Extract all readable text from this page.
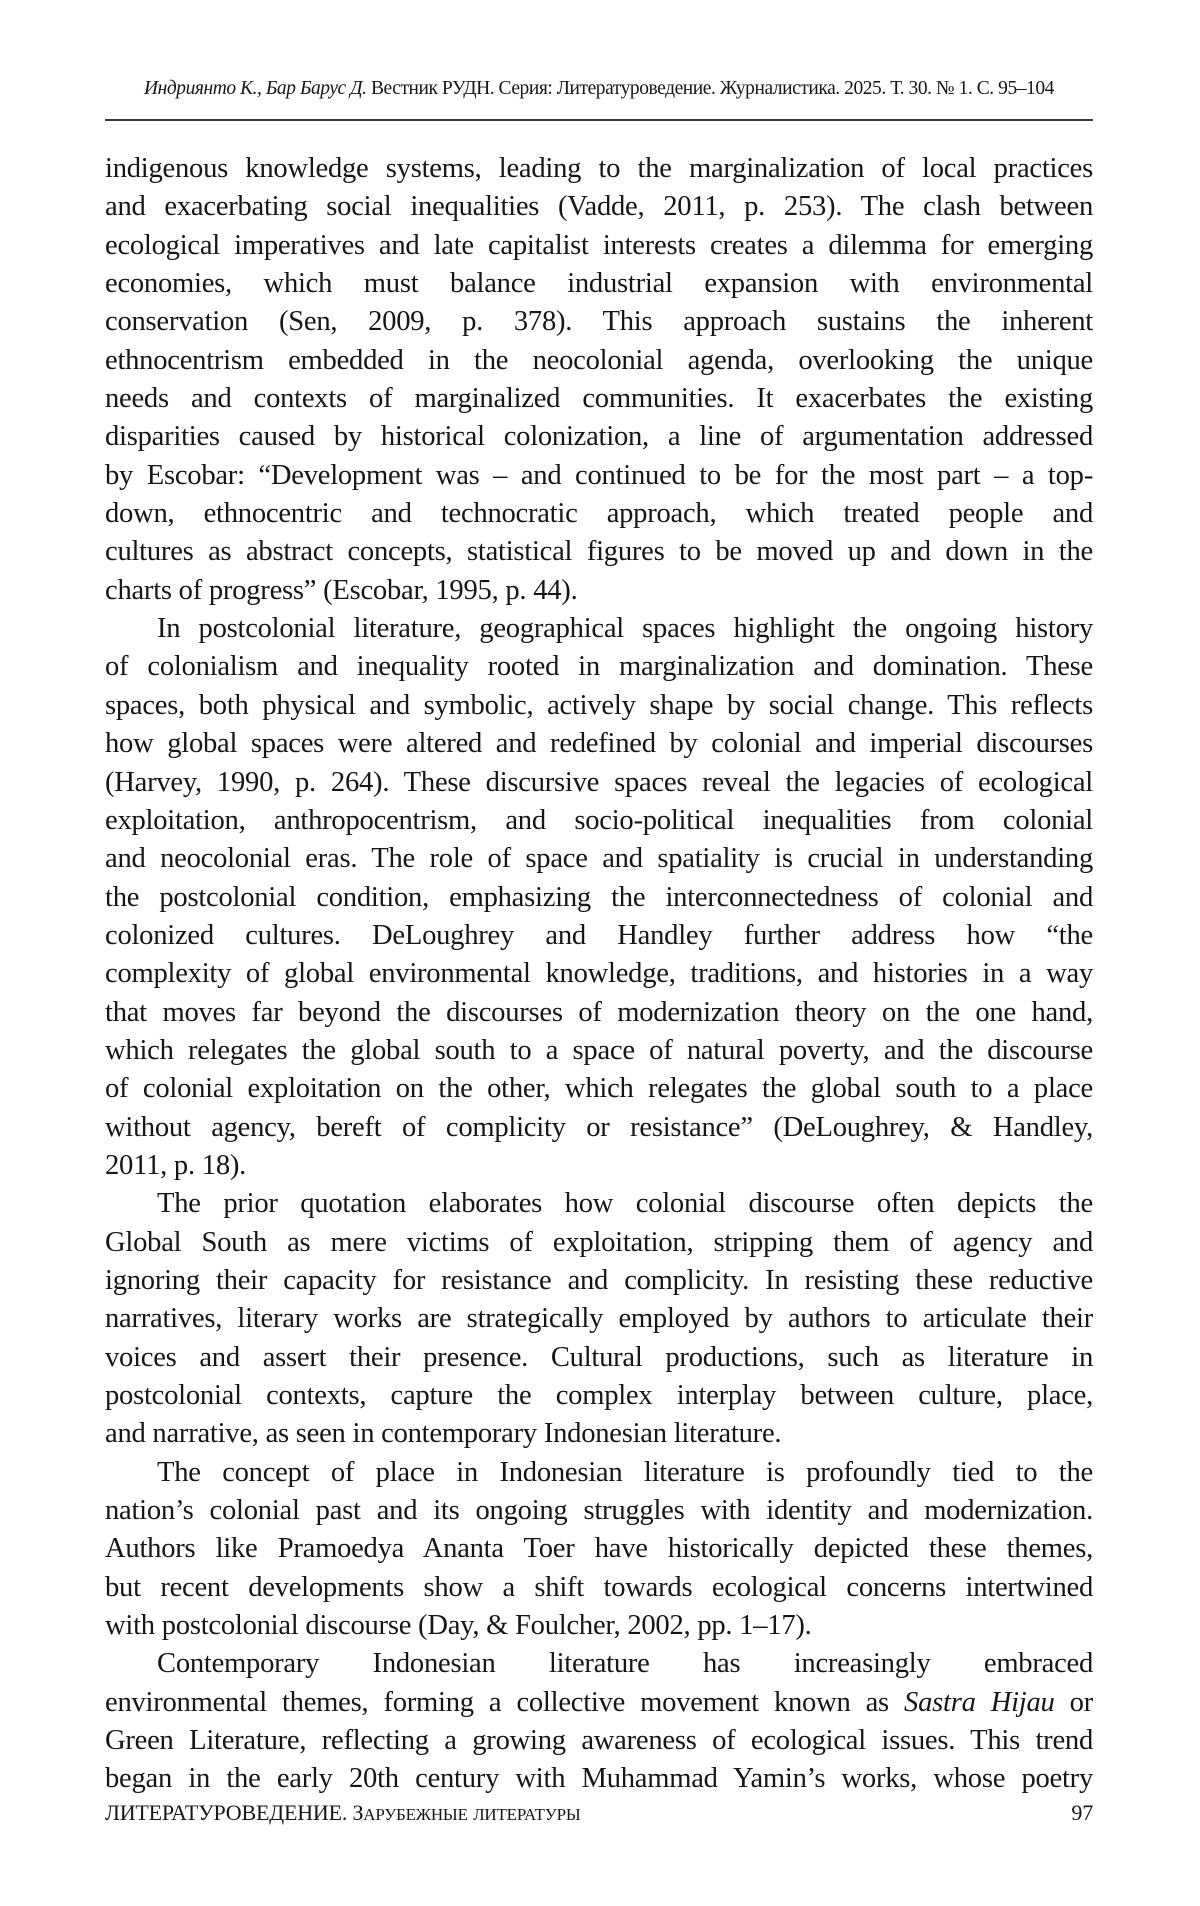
Индриянто К., Бар Барус Д. Вестник РУДН. Серия: Литературоведение. Журналистика. 2025. Т. 30. № 1. С. 95–104
indigenous knowledge systems, leading to the marginalization of local practices
and exacerbating social inequalities (Vadde, 2011, p. 253). The clash between
ecological imperatives and late capitalist interests creates a dilemma for emerging
economies, which must balance industrial expansion with environmental
conservation (Sen, 2009, p. 378). This approach sustains the inherent
ethnocentrism embedded in the neocolonial agenda, overlooking the unique
needs and contexts of marginalized communities. It exacerbates the existing
disparities caused by historical colonization, a line of argumentation addressed
by Escobar: “Development was – and continued to be for the most part – a top-
down, ethnocentric and technocratic approach, which treated people and
cultures as abstract concepts, statistical figures to be moved up and down in the
charts of progress” (Escobar, 1995, p. 44).
In postcolonial literature, geographical spaces highlight the ongoing history
of colonialism and inequality rooted in marginalization and domination. These
spaces, both physical and symbolic, actively shape by social change. This reflects
how global spaces were altered and redefined by colonial and imperial discourses
(Harvey, 1990, p. 264). These discursive spaces reveal the legacies of ecological
exploitation, anthropocentrism, and socio-political inequalities from colonial
and neocolonial eras. The role of space and spatiality is crucial in understanding
the postcolonial condition, emphasizing the interconnectedness of colonial and
colonized cultures. DeLoughrey and Handley further address how “the
complexity of global environmental knowledge, traditions, and histories in a way
that moves far beyond the discourses of modernization theory on the one hand,
which relegates the global south to a space of natural poverty, and the discourse
of colonial exploitation on the other, which relegates the global south to a place
without agency, bereft of complicity or resistance” (DeLoughrey, & Handley,
2011, p. 18).
The prior quotation elaborates how colonial discourse often depicts the
Global South as mere victims of exploitation, stripping them of agency and
ignoring their capacity for resistance and complicity. In resisting these reductive
narratives, literary works are strategically employed by authors to articulate their
voices and assert their presence. Cultural productions, such as literature in
postcolonial contexts, capture the complex interplay between culture, place,
and narrative, as seen in contemporary Indonesian literature.
The concept of place in Indonesian literature is profoundly tied to the
nation’s colonial past and its ongoing struggles with identity and modernization.
Authors like Pramoedya Ananta Toer have historically depicted these themes,
but recent developments show a shift towards ecological concerns intertwined
with postcolonial discourse (Day, & Foulcher, 2002, pp. 1–17).
Contemporary Indonesian literature has increasingly embraced
environmental themes, forming a collective movement known as Sastra Hijau or
Green Literature, reflecting a growing awareness of ecological issues. This trend
began in the early 20th century with Muhammad Yamin’s works, whose poetry
ЛИТЕРАТУРОВЕДЕНИЕ. ЗАРУБЕЖНЫЕ ЛИТЕРАТУРЫ	97
